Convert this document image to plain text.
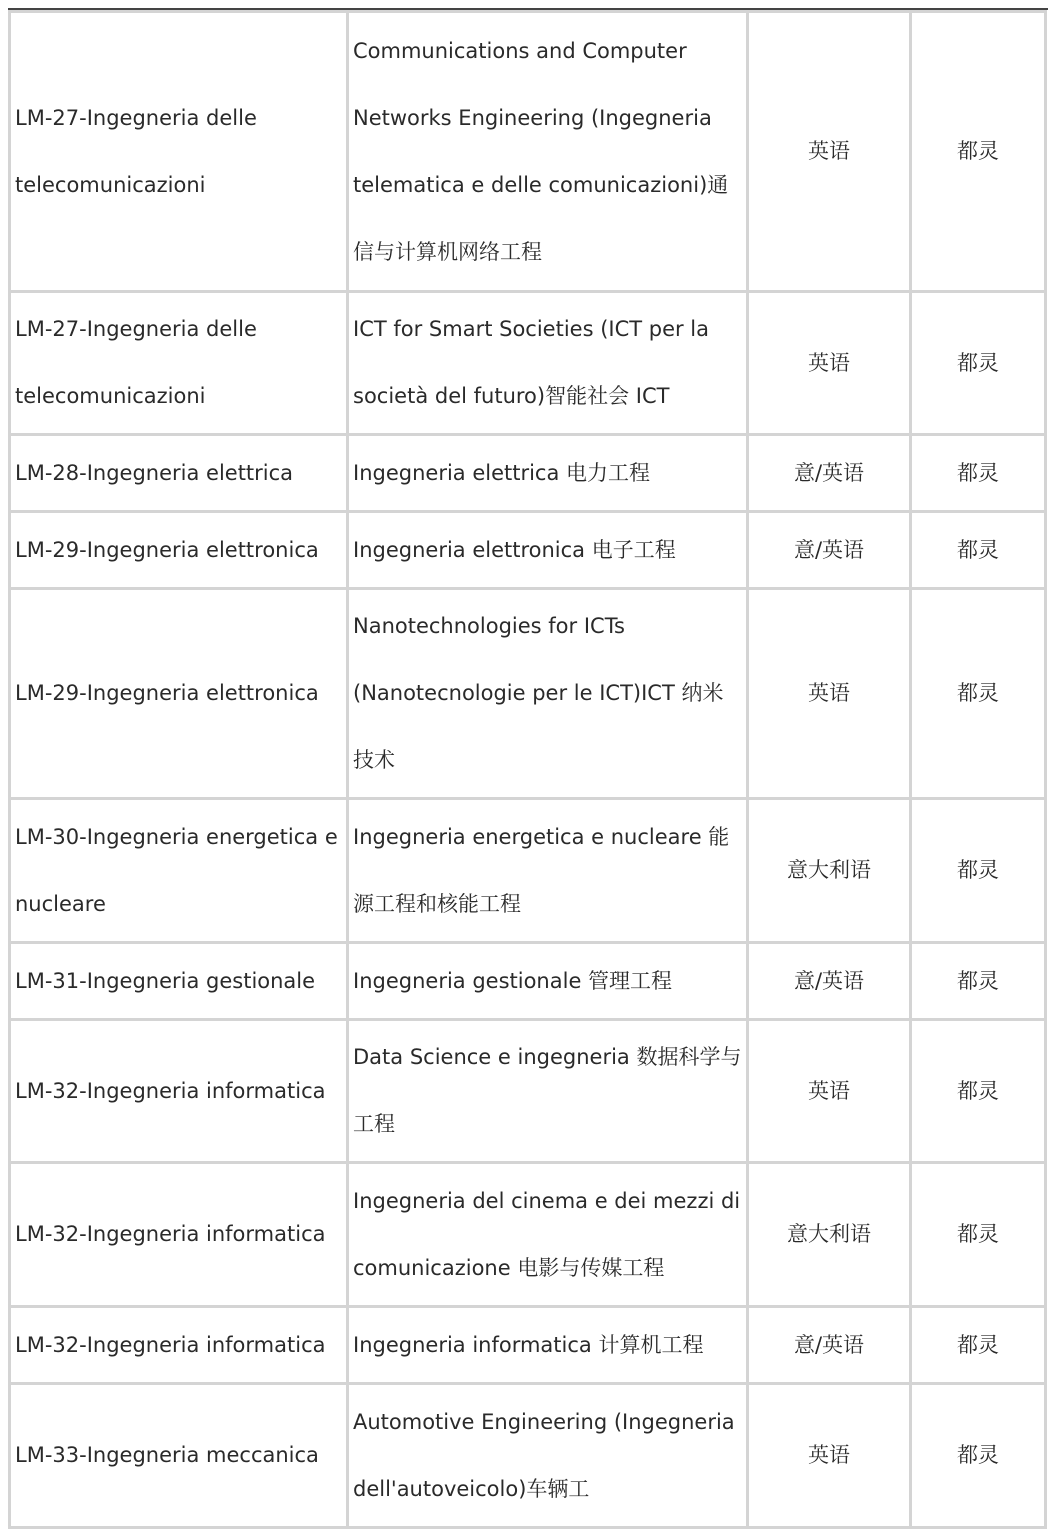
LM-27-Ingegneria delle telecomunicazioni	Communications and Computer Networks Engineering (Ingegneria telematica e delle comunicazioni)通信与计算机网络工程	英语	都灵

LM-27-Ingegneria delle telecomunicazioni	ICT for Smart Societies (ICT per la società del futuro)智能社会 ICT	英语	都灵

LM-28-Ingegneria elettrica	Ingegneria elettrica 电力工程	意/英语	都灵

LM-29-Ingegneria elettronica	Ingegneria elettronica 电子工程	意/英语	都灵

LM-29-Ingegneria elettronica	Nanotechnologies for ICTs (Nanotecnologie per le ICT)ICT 纳米技术	英语	都灵

LM-30-Ingegneria energetica e nucleare	Ingegneria energetica e nucleare 能源工程和核能工程	意大利语	都灵

LM-31-Ingegneria gestionale	Ingegneria gestionale 管理工程	意/英语	都灵

LM-32-Ingegneria informatica	Data Science e ingegneria 数据科学与工程	英语	都灵

LM-32-Ingegneria informatica	Ingegneria del cinema e dei mezzi di comunicazione 电影与传媒工程	意大利语	都灵

LM-32-Ingegneria informatica	Ingegneria informatica 计算机工程	意/英语	都灵

LM-33-Ingegneria meccanica	Automotive Engineering (Ingegneria dell'autoveicolo)车辆工	英语	都灵
